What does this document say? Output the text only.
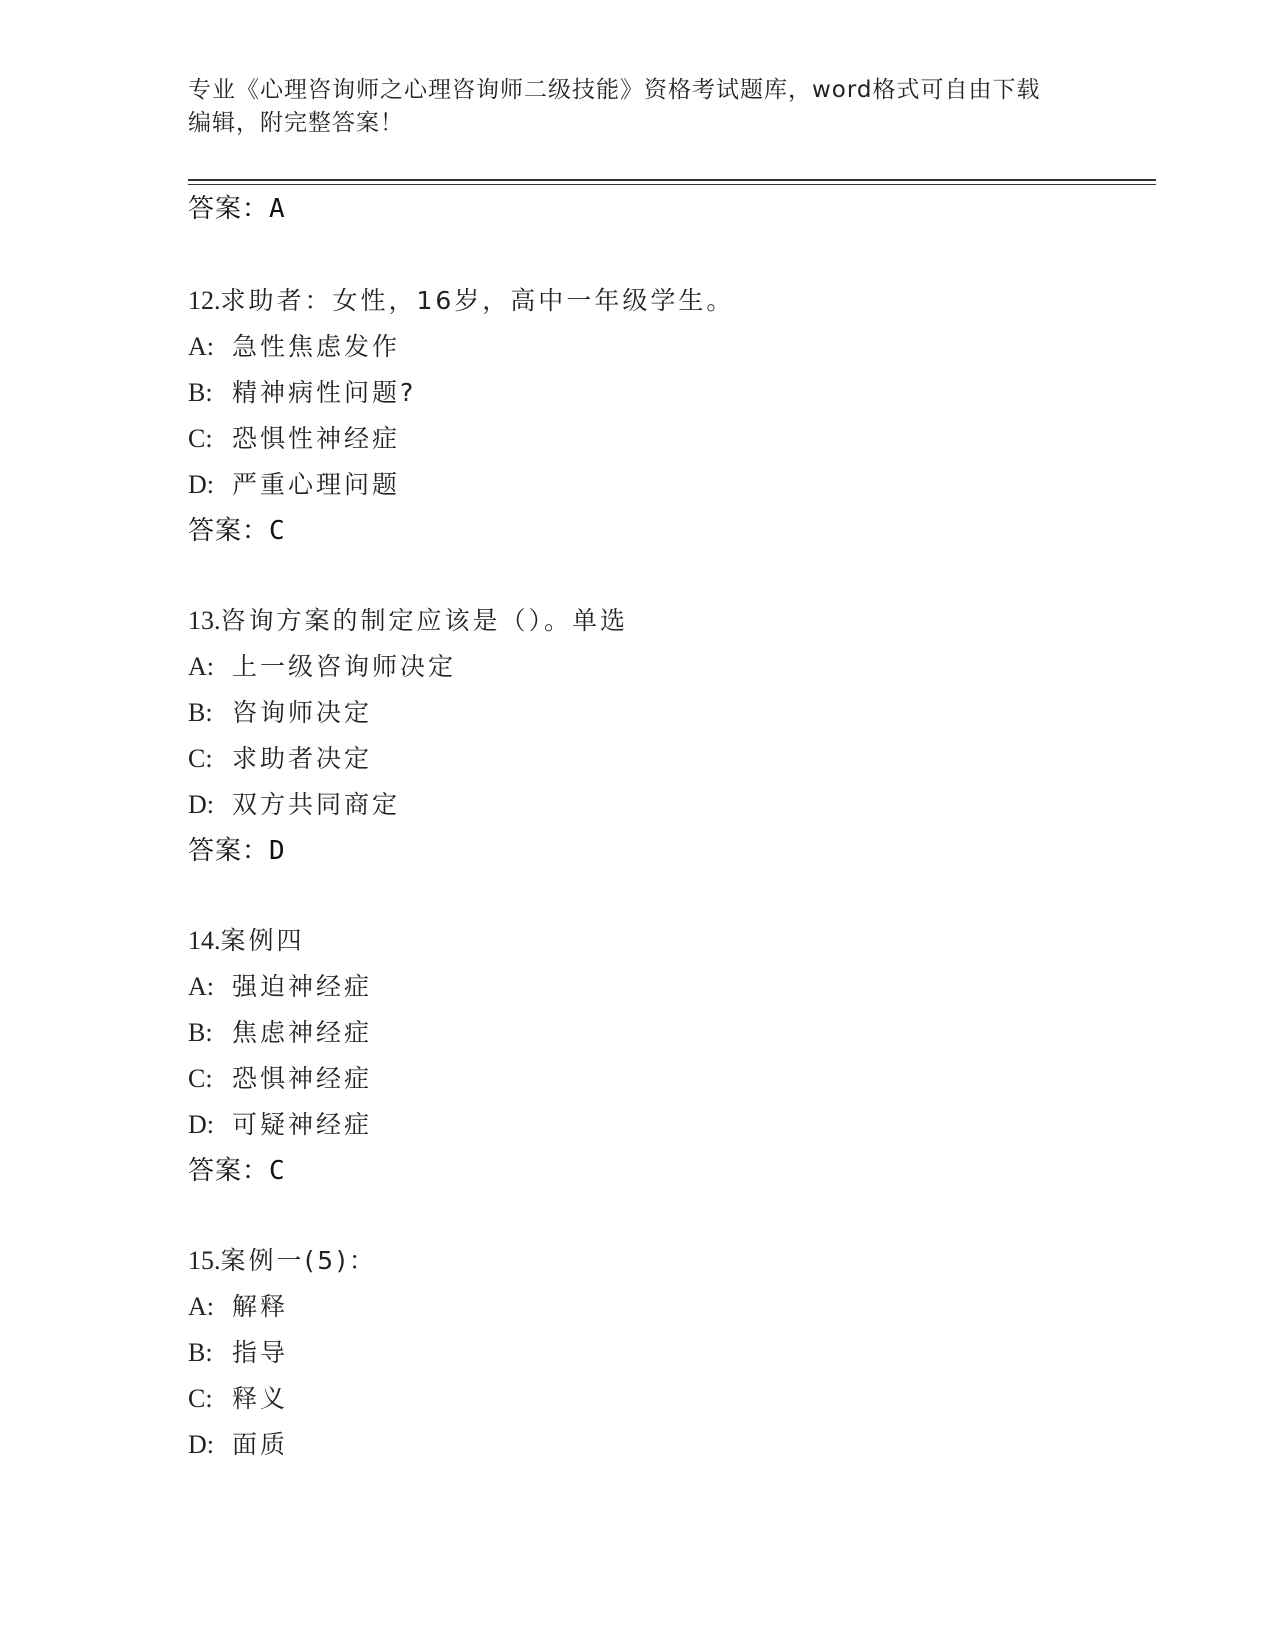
专业《心理咨询师之心理咨询师二级技能》资格考试题库，word格式可自由下载
编辑，附完整答案！
答案：A
12.求助者：女性，16岁，高中一年级学生。
A: 急性焦虑发作
B: 精神病性问题?
C: 恐惧性神经症
D: 严重心理问题
答案：C
13.咨询方案的制定应该是（）。单选
A: 上一级咨询师决定
B: 咨询师决定
C: 求助者决定
D: 双方共同商定
答案：D
14.案例四
A: 强迫神经症
B: 焦虑神经症
C: 恐惧神经症
D: 可疑神经症
答案：C
15.案例一(5)：
A: 解释
B: 指导
C: 释义
D: 面质
